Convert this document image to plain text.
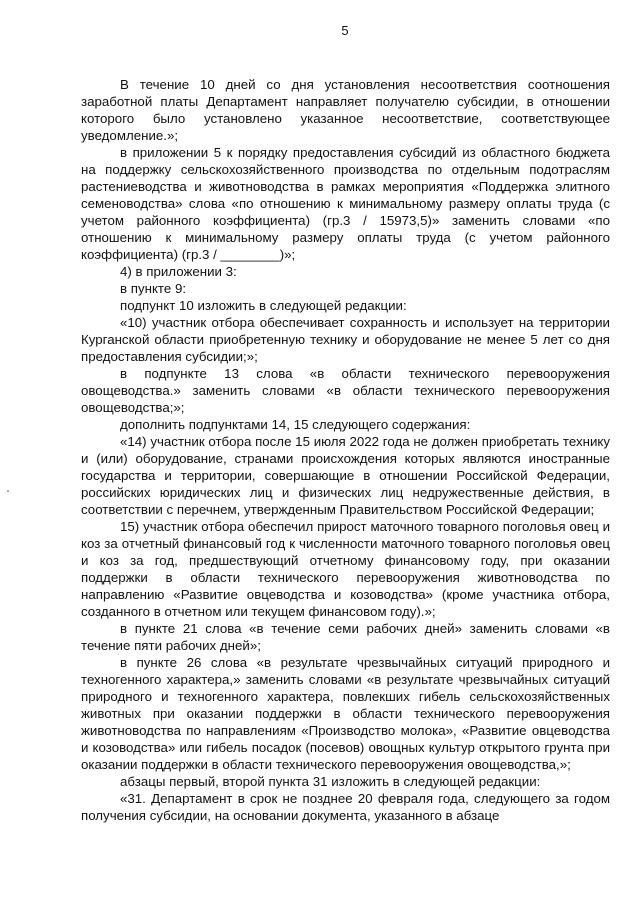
5

В течение 10 дней со дня установления несоответствия соотношения заработной платы Департамент направляет получателю субсидии, в отношении которого было установлено указанное несоответствие, соответствующее уведомление.»;

в приложении 5 к порядку предоставления субсидий из областного бюджета на поддержку сельскохозяйственного производства по отдельным подотраслям растениеводства и животноводства в рамках мероприятия «Поддержка элитного семеноводства» слова «по отношению к минимальному размеру оплаты труда (с учетом районного коэффициента) (гр.3 / 15973,5)» заменить словами «по отношению к минимальному размеру оплаты труда (с учетом районного коэффициента) (гр.3 / ________)»;

4) в приложении 3:

в пункте 9:

подпункт 10 изложить в следующей редакции:

«10) участник отбора обеспечивает сохранность и использует на территории Курганской области приобретенную технику и оборудование не менее 5 лет со дня предоставления субсидии;»;

в подпункте 13 слова «в области технического перевооружения овощеводства.» заменить словами «в области технического перевооружения овощеводства;»;

дополнить подпунктами 14, 15 следующего содержания:

«14) участник отбора после 15 июля 2022 года не должен приобретать технику и (или) оборудование, странами происхождения которых являются иностранные государства и территории, совершающие в отношении Российской Федерации, российских юридических лиц и физических лиц недружественные действия, в соответствии с перечнем, утвержденным Правительством Российской Федерации;

15) участник отбора обеспечил прирост маточного товарного поголовья овец и коз за отчетный финансовый год к численности маточного товарного поголовья овец и коз за год, предшествующий отчетному финансовому году, при оказании поддержки в области технического перевооружения животноводства по направлению «Развитие овцеводства и козоводства» (кроме участника отбора, созданного в отчетном или текущем финансовом году).»;

в пункте 21 слова «в течение семи рабочих дней» заменить словами «в течение пяти рабочих дней»;

в пункте 26 слова «в результате чрезвычайных ситуаций природного и техногенного характера,» заменить словами «в результате чрезвычайных ситуаций природного и техногенного характера, повлекших гибель сельскохозяйственных животных при оказании поддержки в области технического перевооружения животноводства по направлениям «Производство молока», «Развитие овцеводства и козоводства» или гибель посадок (посевов) овощных культур открытого грунта при оказании поддержки в области технического перевооружения овощеводства,»;

абзацы первый, второй пункта 31 изложить в следующей редакции:

«31. Департамент в срок не позднее 20 февраля года, следующего за годом получения субсидии, на основании документа, указанного в абзаце
